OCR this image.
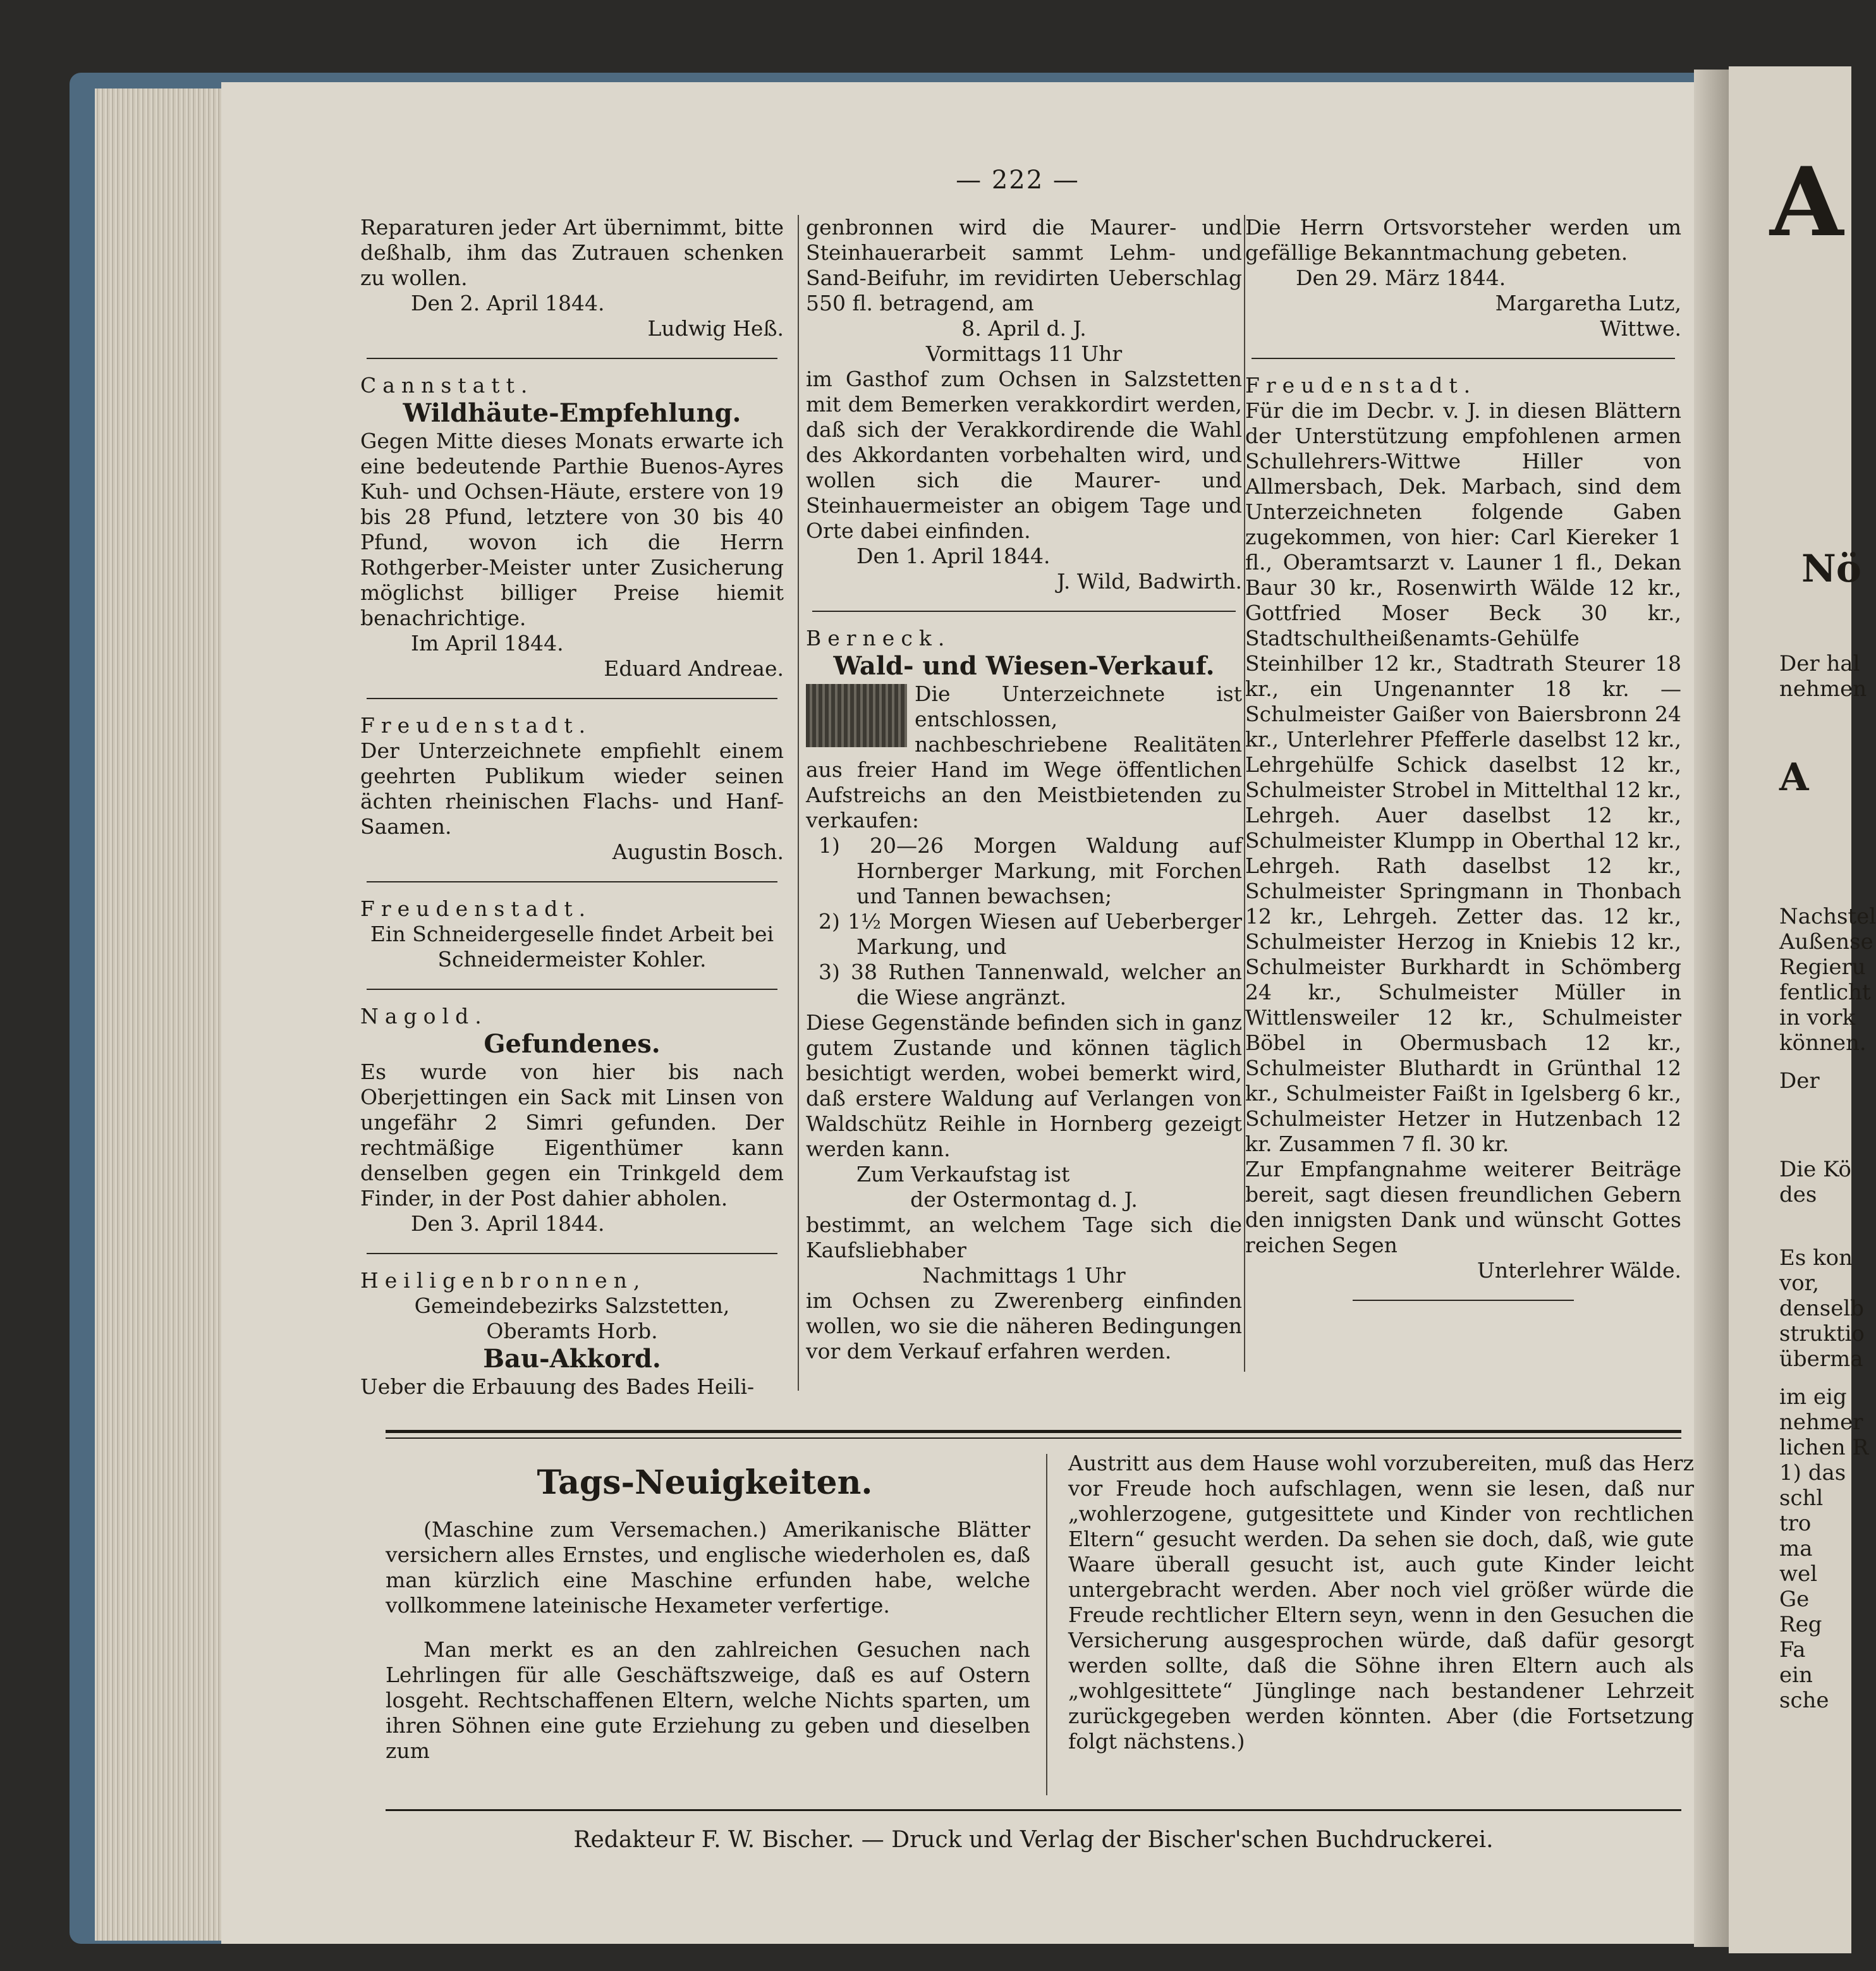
— 222 —

Reparaturen jeder Art übernimmt, bitte deßhalb, ihm das Zutrauen schenken zu wollen.

Den 2. April 1844.

Ludwig Heß.

Cannstatt.

Wildhäute-Empfehlung.

Gegen Mitte dieses Monats erwarte ich eine bedeutende Parthie Buenos-Ayres Kuh- und Ochsen-Häute, erstere von 19 bis 28 Pfund, letztere von 30 bis 40 Pfund, wovon ich die Herrn Rothgerber-Meister unter Zusicherung möglichst billiger Preise hiemit benachrichtige.

Im April 1844.

Eduard Andreae.

Freudenstadt.

Der Unterzeichnete empfiehlt einem geehrten Publikum wieder seinen ächten rheinischen Flachs- und Hanf-Saamen.

Augustin Bosch.

Freudenstadt.

Ein Schneidergeselle findet Arbeit bei Schneidermeister Kohler.

Nagold.

Gefundenes.

Es wurde von hier bis nach Oberjettingen ein Sack mit Linsen von ungefähr 2 Simri gefunden. Der rechtmäßige Eigenthümer kann denselben gegen ein Trinkgeld dem Finder, in der Post dahier abholen.

Den 3. April 1844.

Heiligenbronnen,

Gemeindebezirks Salzstetten,

Oberamts Horb.

Bau-Akkord.

Ueber die Erbauung des Bades Heili-

genbronnen wird die Maurer- und Steinhauerarbeit sammt Lehm- und Sand-Beifuhr, im revidirten Ueberschlag 550 fl. betragend, am

8. April d. J.

Vormittags 11 Uhr

im Gasthof zum Ochsen in Salzstetten mit dem Bemerken verakkordirt werden, daß sich der Verakkordirende die Wahl des Akkordanten vorbehalten wird, und wollen sich die Maurer- und Steinhauermeister an obigem Tage und Orte dabei einfinden.

Den 1. April 1844.

J. Wild, Badwirth.

Berneck.

Wald- und Wiesen-Verkauf.

Die Unterzeichnete ist entschlossen, nachbeschriebene Realitäten aus freier Hand im Wege öffentlichen Aufstreichs an den Meistbietenden zu verkaufen:

1) 20—26 Morgen Waldung auf Hornberger Markung, mit Forchen und Tannen bewachsen;

2) 1½ Morgen Wiesen auf Ueberberger Markung, und

3) 38 Ruthen Tannenwald, welcher an die Wiese angränzt.

Diese Gegenstände befinden sich in ganz gutem Zustande und können täglich besichtigt werden, wobei bemerkt wird, daß erstere Waldung auf Verlangen von Waldschütz Reihle in Hornberg gezeigt werden kann.

Zum Verkaufstag ist

der Ostermontag d. J.

bestimmt, an welchem Tage sich die Kaufsliebhaber

Nachmittags 1 Uhr

im Ochsen zu Zwerenberg einfinden wollen, wo sie die näheren Bedingungen vor dem Verkauf erfahren werden.

Die Herrn Ortsvorsteher werden um gefällige Bekanntmachung gebeten.

Den 29. März 1844.

Margaretha Lutz,

Wittwe.

Freudenstadt.

Für die im Decbr. v. J. in diesen Blättern der Unterstützung empfohlenen armen Schullehrers-Wittwe Hiller von Allmersbach, Dek. Marbach, sind dem Unterzeichneten folgende Gaben zugekommen, von hier: Carl Kiereker 1 fl., Oberamtsarzt v. Launer 1 fl., Dekan Baur 30 kr., Rosenwirth Wälde 12 kr., Gottfried Moser Beck 30 kr., Stadtschultheißenamts-Gehülfe Steinhilber 12 kr., Stadtrath Steurer 18 kr., ein Ungenannter 18 kr. — Schulmeister Gaißer von Baiersbronn 24 kr., Unterlehrer Pfefferle daselbst 12 kr., Lehrgehülfe Schick daselbst 12 kr., Schulmeister Strobel in Mittelthal 12 kr., Lehrgeh. Auer daselbst 12 kr., Schulmeister Klumpp in Oberthal 12 kr., Lehrgeh. Rath daselbst 12 kr., Schulmeister Springmann in Thonbach 12 kr., Lehrgeh. Zetter das. 12 kr., Schulmeister Herzog in Kniebis 12 kr., Schulmeister Burkhardt in Schömberg 24 kr., Schulmeister Müller in Wittlensweiler 12 kr., Schulmeister Böbel in Obermusbach 12 kr., Schulmeister Bluthardt in Grünthal 12 kr., Schulmeister Faißt in Igelsberg 6 kr., Schulmeister Hetzer in Hutzenbach 12 kr. Zusammen 7 fl. 30 kr.

Zur Empfangnahme weiterer Beiträge bereit, sagt diesen freundlichen Gebern den innigsten Dank und wünscht Gottes reichen Segen

Unterlehrer Wälde.

Tags-Neuigkeiten.

(Maschine zum Versemachen.) Amerikanische Blätter versichern alles Ernstes, und englische wiederholen es, daß man kürzlich eine Maschine erfunden habe, welche vollkommene lateinische Hexameter verfertige.

Man merkt es an den zahlreichen Gesuchen nach Lehrlingen für alle Geschäftszweige, daß es auf Ostern losgeht. Rechtschaffenen Eltern, welche Nichts sparten, um ihren Söhnen eine gute Erziehung zu geben und dieselben zum

Austritt aus dem Hause wohl vorzubereiten, muß das Herz vor Freude hoch aufschlagen, wenn sie lesen, daß nur „wohlerzogene, gutgesittete und Kinder von rechtlichen Eltern“ gesucht werden. Da sehen sie doch, daß, wie gute Waare überall gesucht ist, auch gute Kinder leicht untergebracht werden. Aber noch viel größer würde die Freude rechtlicher Eltern seyn, wenn in den Gesuchen die Versicherung ausgesprochen würde, daß dafür gesorgt werden sollte, daß die Söhne ihren Eltern auch als „wohlgesittete“ Jünglinge nach bestandener Lehrzeit zurückgegeben werden könnten. Aber (die Fortsetzung folgt nächstens.)

Redakteur F. W. Bischer. — Druck und Verlag der Bischer'schen Buchdruckerei.
A
Nö
Der hal
nehmen
A
Nachstel
Außense
Regieru
fentlicht
in vork
können.
Der
Die Kö
des
Es kon
vor,
denselb
struktio
überma
im eig
nehmer
lichen R
1) das
schl
tro
ma
wel
Ge
Reg
Fa
ein
sche
